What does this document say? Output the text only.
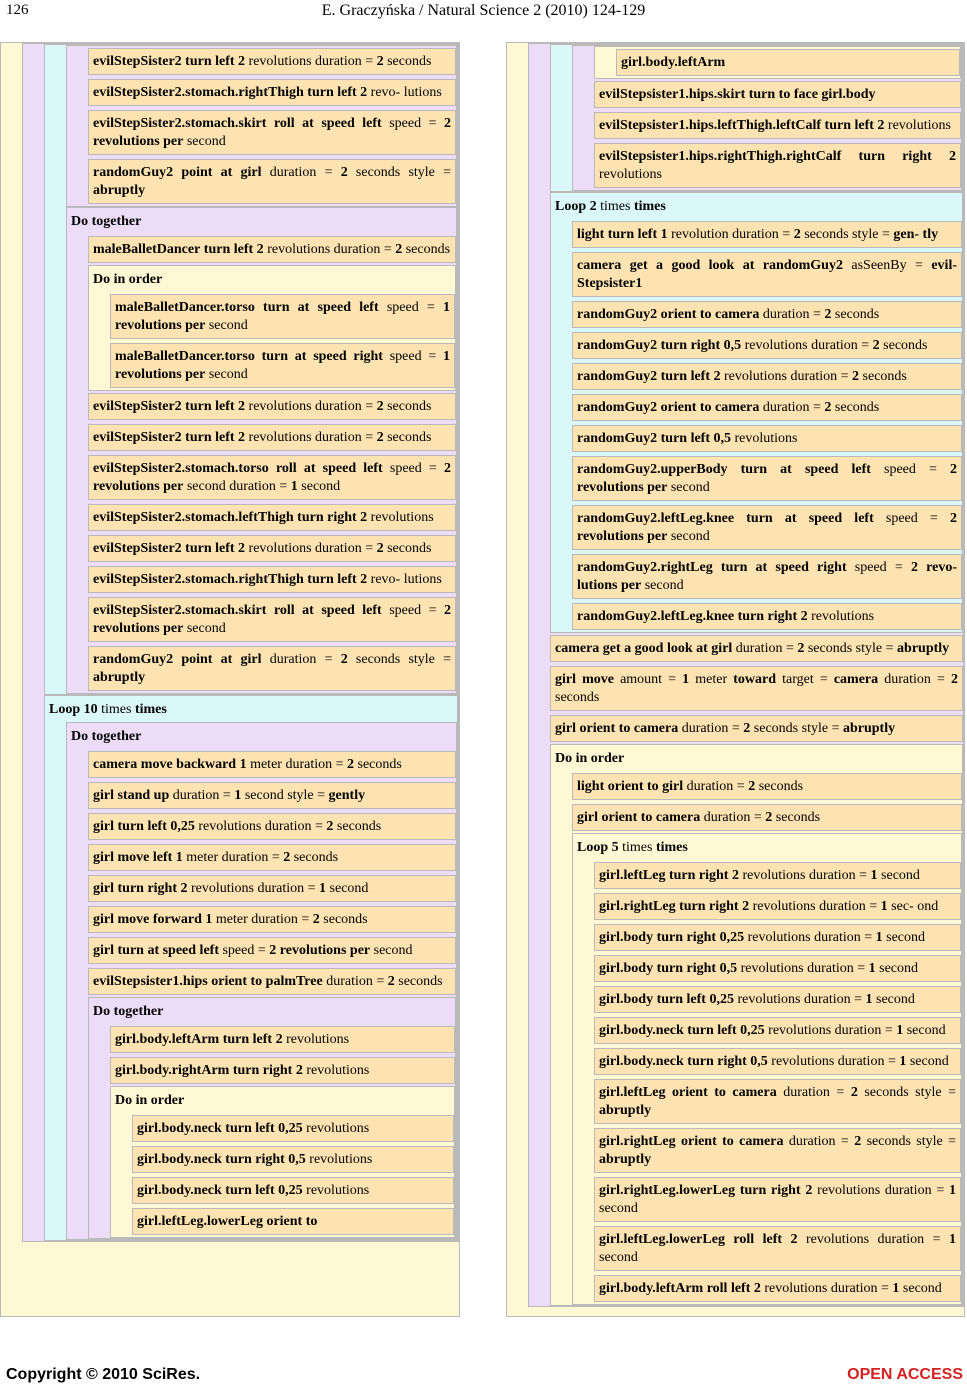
126	E. Graczyńska / Natural Science 2 (2010) 124-129
evilStepSister2 turn left 2 revolutions duration = 2 seconds
evilStepSister2.stomach.rightThigh turn left 2 revo- lutions
evilStepSister2.stomach.skirt roll at speed left speed = 2 revolutions per second
randomGuy2 point at girl duration = 2 seconds style = abruptly
Do together
maleBalletDancer turn left 2 revolutions duration = 2 seconds
Do in order
maleBalletDancer.torso turn at speed left speed = 1 revolutions per second
maleBalletDancer.torso turn at speed right speed = 1 revolutions per second
evilStepSister2 turn left 2 revolutions duration = 2 seconds
evilStepSister2 turn left 2 revolutions duration = 2 seconds
evilStepSister2.stomach.torso roll at speed left speed = 2 revolutions per second duration = 1 second
evilStepSister2.stomach.leftThigh turn right 2 revolutions
evilStepSister2 turn left 2 revolutions duration = 2 seconds
evilStepSister2.stomach.rightThigh turn left 2 revo- lutions
evilStepSister2.stomach.skirt roll at speed left speed = 2 revolutions per second
randomGuy2 point at girl duration = 2 seconds style = abruptly
Loop 10 times times
Do together
camera move backward 1 meter duration = 2 seconds
girl stand up duration = 1 second style = gently
girl turn left 0,25 revolutions duration = 2 seconds
girl move left 1 meter duration = 2 seconds
girl turn right 2 revolutions duration = 1 second
girl move forward 1 meter duration = 2 seconds
girl turn at speed left speed = 2 revolutions per second
evilStepsister1.hips orient to palmTree duration = 2 seconds
Do together
girl.body.leftArm turn left 2 revolutions
girl.body.rightArm turn right 2 revolutions
Do in order
girl.body.neck turn left 0,25 revolutions
girl.body.neck turn right 0,5 revolutions
girl.body.neck turn left 0,25 revolutions
girl.leftLeg.lowerLeg orient to
girl.body.leftArm
evilStepsister1.hips.skirt turn to face girl.body
evilStepsister1.hips.leftThigh.leftCalf turn left 2 revolutions
evilStepsister1.hips.rightThigh.rightCalf turn right 2 revolutions
Loop 2 times times
light turn left 1 revolution duration = 2 seconds style = gen- tly
camera get a good look at randomGuy2 asSeenBy = evil- Stepsister1
randomGuy2 orient to camera duration = 2 seconds
randomGuy2 turn right 0,5 revolutions duration = 2 seconds
randomGuy2 turn left 2 revolutions duration = 2 seconds
randomGuy2 orient to camera duration = 2 seconds
randomGuy2 turn left 0,5 revolutions
randomGuy2.upperBody turn at speed left speed = 2 revolutions per second
randomGuy2.leftLeg.knee turn at speed left speed = 2 revolutions per second
randomGuy2.rightLeg turn at speed right speed = 2 revo- lutions per second
randomGuy2.leftLeg.knee turn right 2 revolutions
camera get a good look at girl duration = 2 seconds style = abruptly
girl move amount = 1 meter toward target = camera duration = 2 seconds
girl orient to camera duration = 2 seconds style = abruptly
Do in order
light orient to girl duration = 2 seconds
girl orient to camera duration = 2 seconds
Loop 5 times times
girl.leftLeg turn right 2 revolutions duration = 1 second
girl.rightLeg turn right 2 revolutions duration = 1 sec- ond
girl.body turn right 0,25 revolutions duration = 1 second
girl.body turn right 0,5 revolutions duration = 1 second
girl.body turn left 0,25 revolutions duration = 1 second
girl.body.neck turn left 0,25 revolutions duration = 1 second
girl.body.neck turn right 0,5 revolutions duration = 1 second
girl.leftLeg orient to camera duration = 2 seconds style = abruptly
girl.rightLeg orient to camera duration = 2 seconds style = abruptly
girl.rightLeg.lowerLeg turn right 2 revolutions duration = 1 second
girl.leftLeg.lowerLeg roll left 2 revolutions duration = 1 second
girl.body.leftArm roll left 2 revolutions duration = 1 second
Copyright © 2010 SciRes.	OPEN ACCESS
